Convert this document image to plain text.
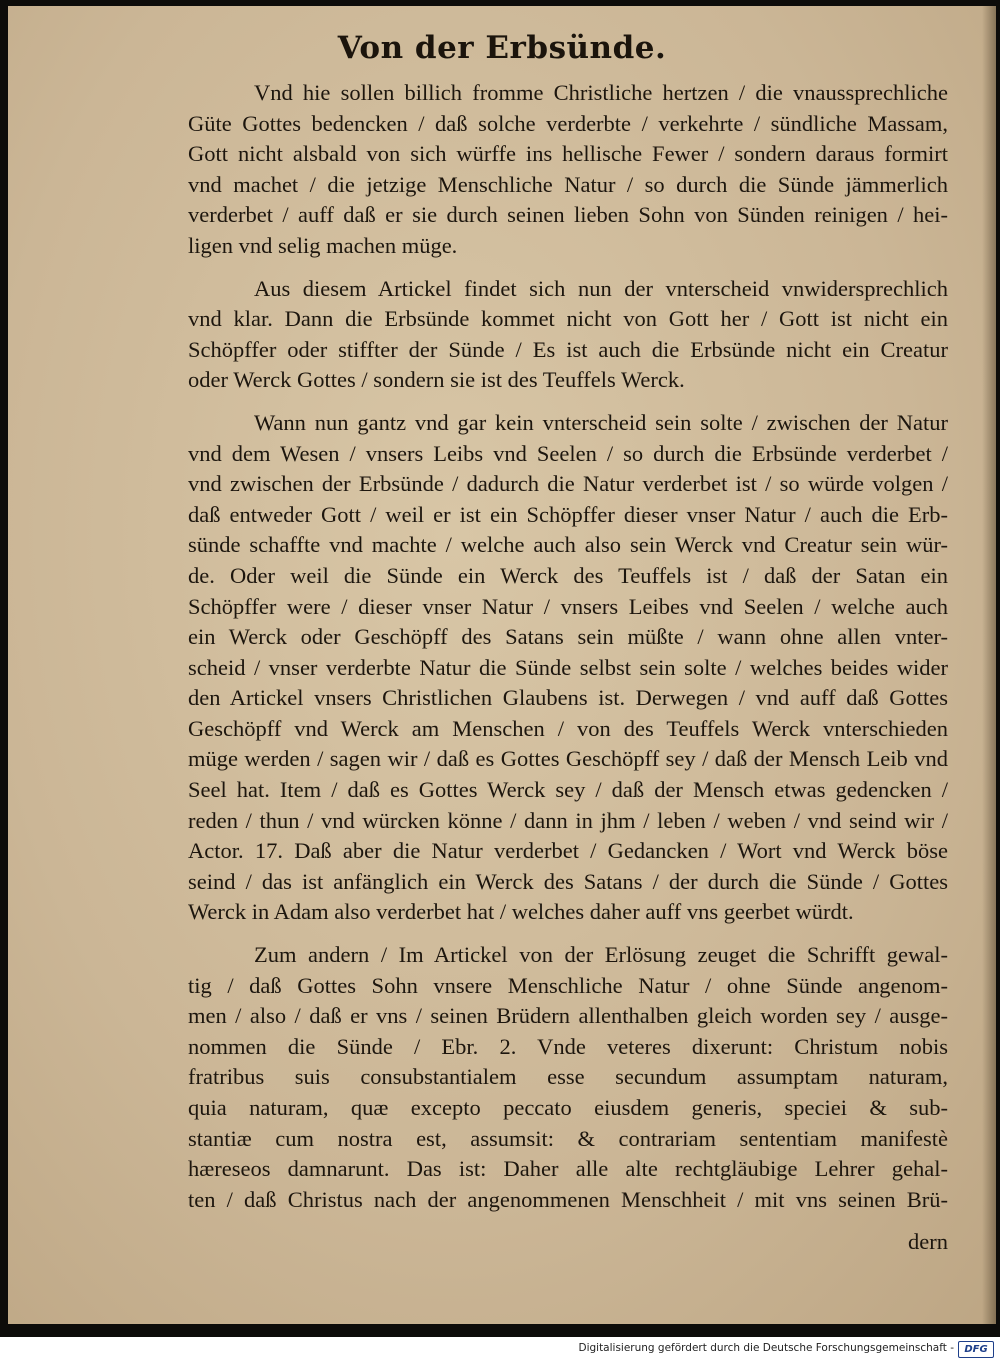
Von der Erbsünde.
Vnd hie sollen billich fromme Christliche hertzen / die vnaussprechliche
Güte Gottes bedencken / daß solche verderbte / verkehrte / sündliche Massam,
Gott nicht alsbald von sich würffe ins hellische Fewer / sondern daraus formirt
vnd machet / die jetzige Menschliche Natur / so durch die Sünde jämmerlich
verderbet / auff daß er sie durch seinen lieben Sohn von Sünden reinigen / hei-
ligen vnd selig machen müge.
Aus diesem Artickel findet sich nun der vnterscheid vnwidersprechlich
vnd klar. Dann die Erbsünde kommet nicht von Gott her / Gott ist nicht ein
Schöpffer oder stiffter der Sünde / Es ist auch die Erbsünde nicht ein Creatur
oder Werck Gottes / sondern sie ist des Teuffels Werck.
Wann nun gantz vnd gar kein vnterscheid sein solte / zwischen der Natur
vnd dem Wesen / vnsers Leibs vnd Seelen / so durch die Erbsünde verderbet /
vnd zwischen der Erbsünde / dadurch die Natur verderbet ist / so würde volgen /
daß entweder Gott / weil er ist ein Schöpffer dieser vnser Natur / auch die Erb-
sünde schaffte vnd machte / welche auch also sein Werck vnd Creatur sein wür-
de. Oder weil die Sünde ein Werck des Teuffels ist / daß der Satan ein
Schöpffer were / dieser vnser Natur / vnsers Leibes vnd Seelen / welche auch
ein Werck oder Geschöpff des Satans sein müßte / wann ohne allen vnter-
scheid / vnser verderbte Natur die Sünde selbst sein solte / welches beides wider
den Artickel vnsers Christlichen Glaubens ist. Derwegen / vnd auff daß Gottes
Geschöpff vnd Werck am Menschen / von des Teuffels Werck vnterschieden
müge werden / sagen wir / daß es Gottes Geschöpff sey / daß der Mensch Leib vnd
Seel hat. Item / daß es Gottes Werck sey / daß der Mensch etwas gedencken /
reden / thun / vnd würcken könne / dann in jhm / leben / weben / vnd seind wir /
Actor. 17. Daß aber die Natur verderbet / Gedancken / Wort vnd Werck böse
seind / das ist anfänglich ein Werck des Satans / der durch die Sünde / Gottes
Werck in Adam also verderbet hat / welches daher auff vns geerbet würdt.
Zum andern / Im Artickel von der Erlösung zeuget die Schrifft gewal-
tig / daß Gottes Sohn vnsere Menschliche Natur / ohne Sünde angenom-
men / also / daß er vns / seinen Brüdern allenthalben gleich worden sey / ausge-
nommen die Sünde / Ebr. 2. Vnde veteres dixerunt: Christum nobis
fratribus suis consubstantialem esse secundum assumptam naturam,
quia naturam, quæ excepto peccato eiusdem generis, speciei & sub-
stantiæ cum nostra est, assumsit: & contrariam sententiam manifestè
hæreseos damnarunt. Das ist: Daher alle alte rechtgläubige Lehrer gehal-
ten / daß Christus nach der angenommenen Menschheit / mit vns seinen Brü-
dern
Digitalisierung gefördert durch die Deutsche Forschungsgemeinschaft -	DFG
